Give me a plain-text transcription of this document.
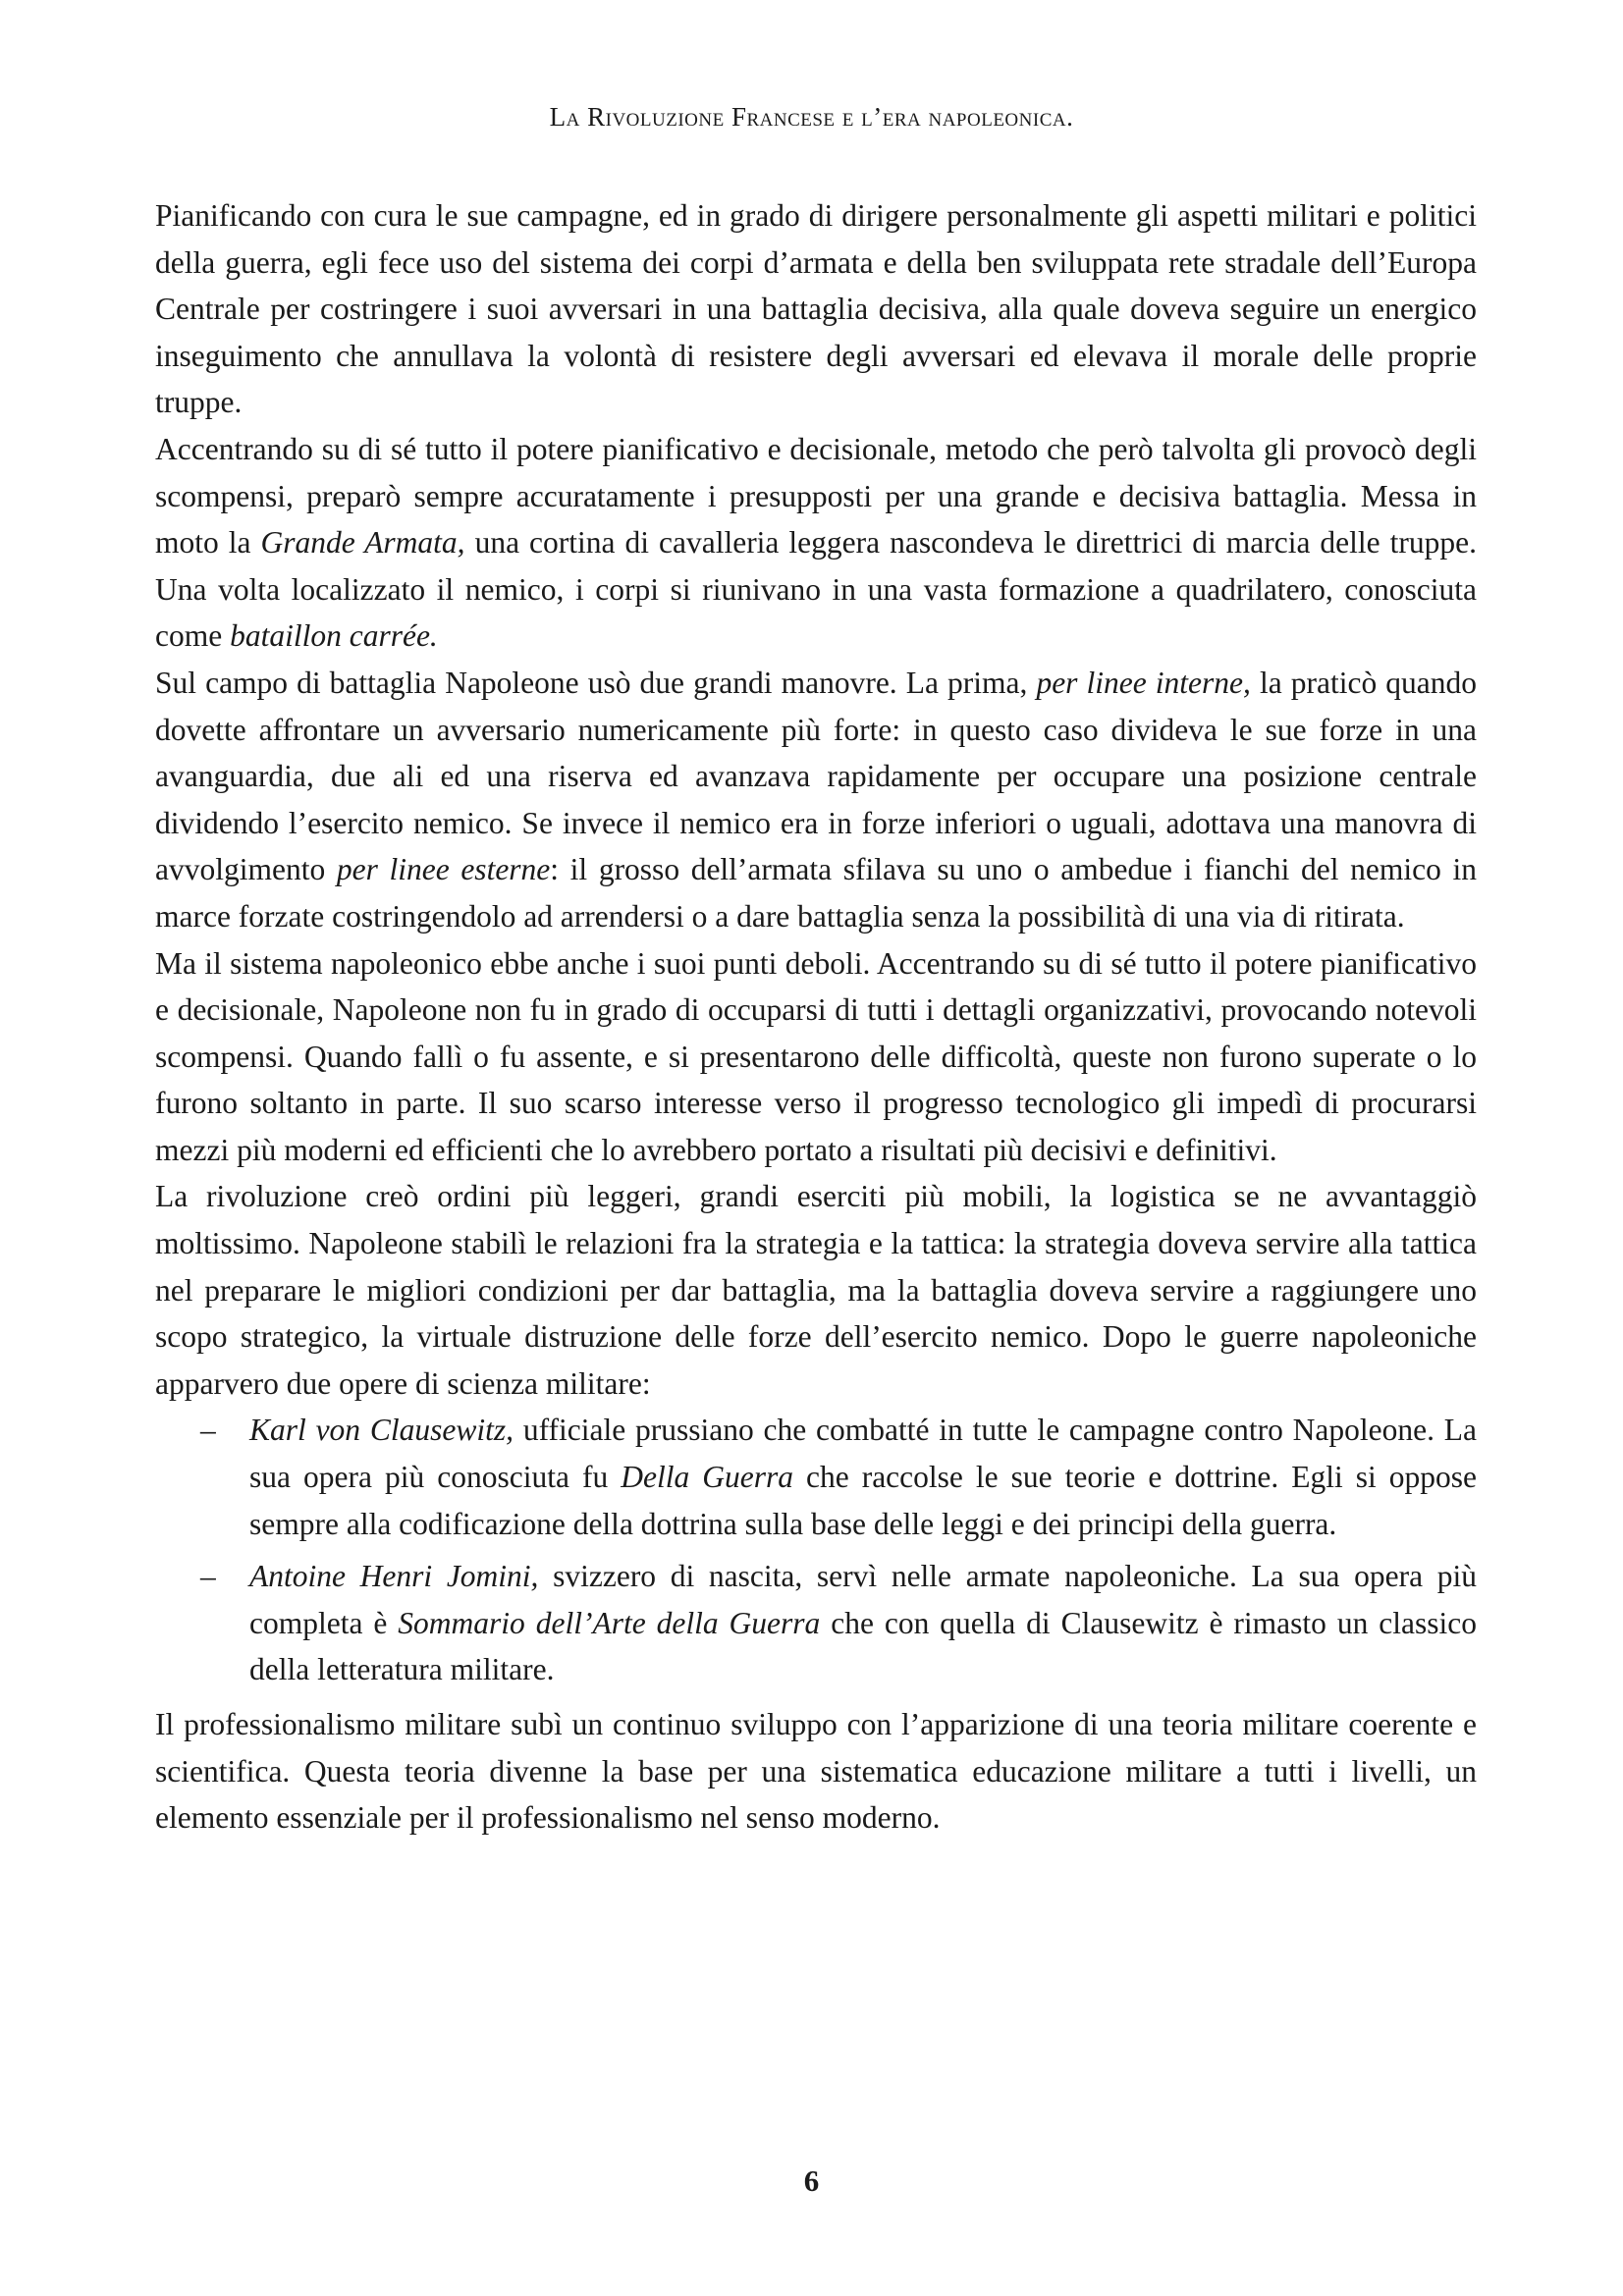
La Rivoluzione Francese e l’era napoleonica.

Pianificando con cura le sue campagne, ed in grado di dirigere personalmente gli aspetti militari e politici della guerra, egli fece uso del sistema dei corpi d’armata e della ben sviluppata rete stradale dell’Europa Centrale per costringere i suoi avversari in una battaglia decisiva, alla quale doveva seguire un energico inseguimento che annullava la volontà di resistere degli avversari ed elevava il morale delle proprie truppe.

Accentrando su di sé tutto il potere pianificativo e decisionale, metodo che però talvolta gli provocò degli scompensi, preparò sempre accuratamente i presupposti per una grande e decisiva battaglia. Messa in moto la Grande Armata, una cortina di cavalleria leggera nascondeva le direttrici di marcia delle truppe. Una volta localizzato il nemico, i corpi si riunivano in una vasta formazione a quadrilatero, conosciuta come bataillon carrée.

Sul campo di battaglia Napoleone usò due grandi manovre. La prima, per linee interne, la praticò quando dovette affrontare un avversario numericamente più forte: in questo caso divideva le sue forze in una avanguardia, due ali ed una riserva ed avanzava rapidamente per occupare una posizione centrale dividendo l’esercito nemico. Se invece il nemico era in forze inferiori o uguali, adottava una manovra di avvolgimento per linee esterne: il grosso dell’armata sfilava su uno o ambedue i fianchi del nemico in marce forzate costringendolo ad arrendersi o a dare battaglia senza la possibilità di una via di ritirata.

Ma il sistema napoleonico ebbe anche i suoi punti deboli. Accentrando su di sé tutto il potere pianificativo e decisionale, Napoleone non fu in grado di occuparsi di tutti i dettagli organizzativi, provocando notevoli scompensi. Quando fallì o fu assente, e si presentarono delle difficoltà, queste non furono superate o lo furono soltanto in parte. Il suo scarso interesse verso il progresso tecnologico gli impedì di procurarsi mezzi più moderni ed efficienti che lo avrebbero portato a risultati più decisivi e definitivi.

La rivoluzione creò ordini più leggeri, grandi eserciti più mobili, la logistica se ne avvantaggiò moltissimo. Napoleone stabilì le relazioni fra la strategia e la tattica: la strategia doveva servire alla tattica nel preparare le migliori condizioni per dar battaglia, ma la battaglia doveva servire a raggiungere uno scopo strategico, la virtuale distruzione delle forze dell’esercito nemico. Dopo le guerre napoleoniche apparvero due opere di scienza militare:

– Karl von Clausewitz, ufficiale prussiano che combatté in tutte le campagne contro Napoleone. La sua opera più conosciuta fu Della Guerra che raccolse le sue teorie e dottrine. Egli si oppose sempre alla codificazione della dottrina sulla base delle leggi e dei principi della guerra.
– Antoine Henri Jomini, svizzero di nascita, servì nelle armate napoleoniche. La sua opera più completa è Sommario dell’Arte della Guerra che con quella di Clausewitz è rimasto un classico della letteratura militare.

Il professionalismo militare subì un continuo sviluppo con l’apparizione di una teoria militare coerente e scientifica. Questa teoria divenne la base per una sistematica educazione militare a tutti i livelli, un elemento essenziale per il professionalismo nel senso moderno.

6
